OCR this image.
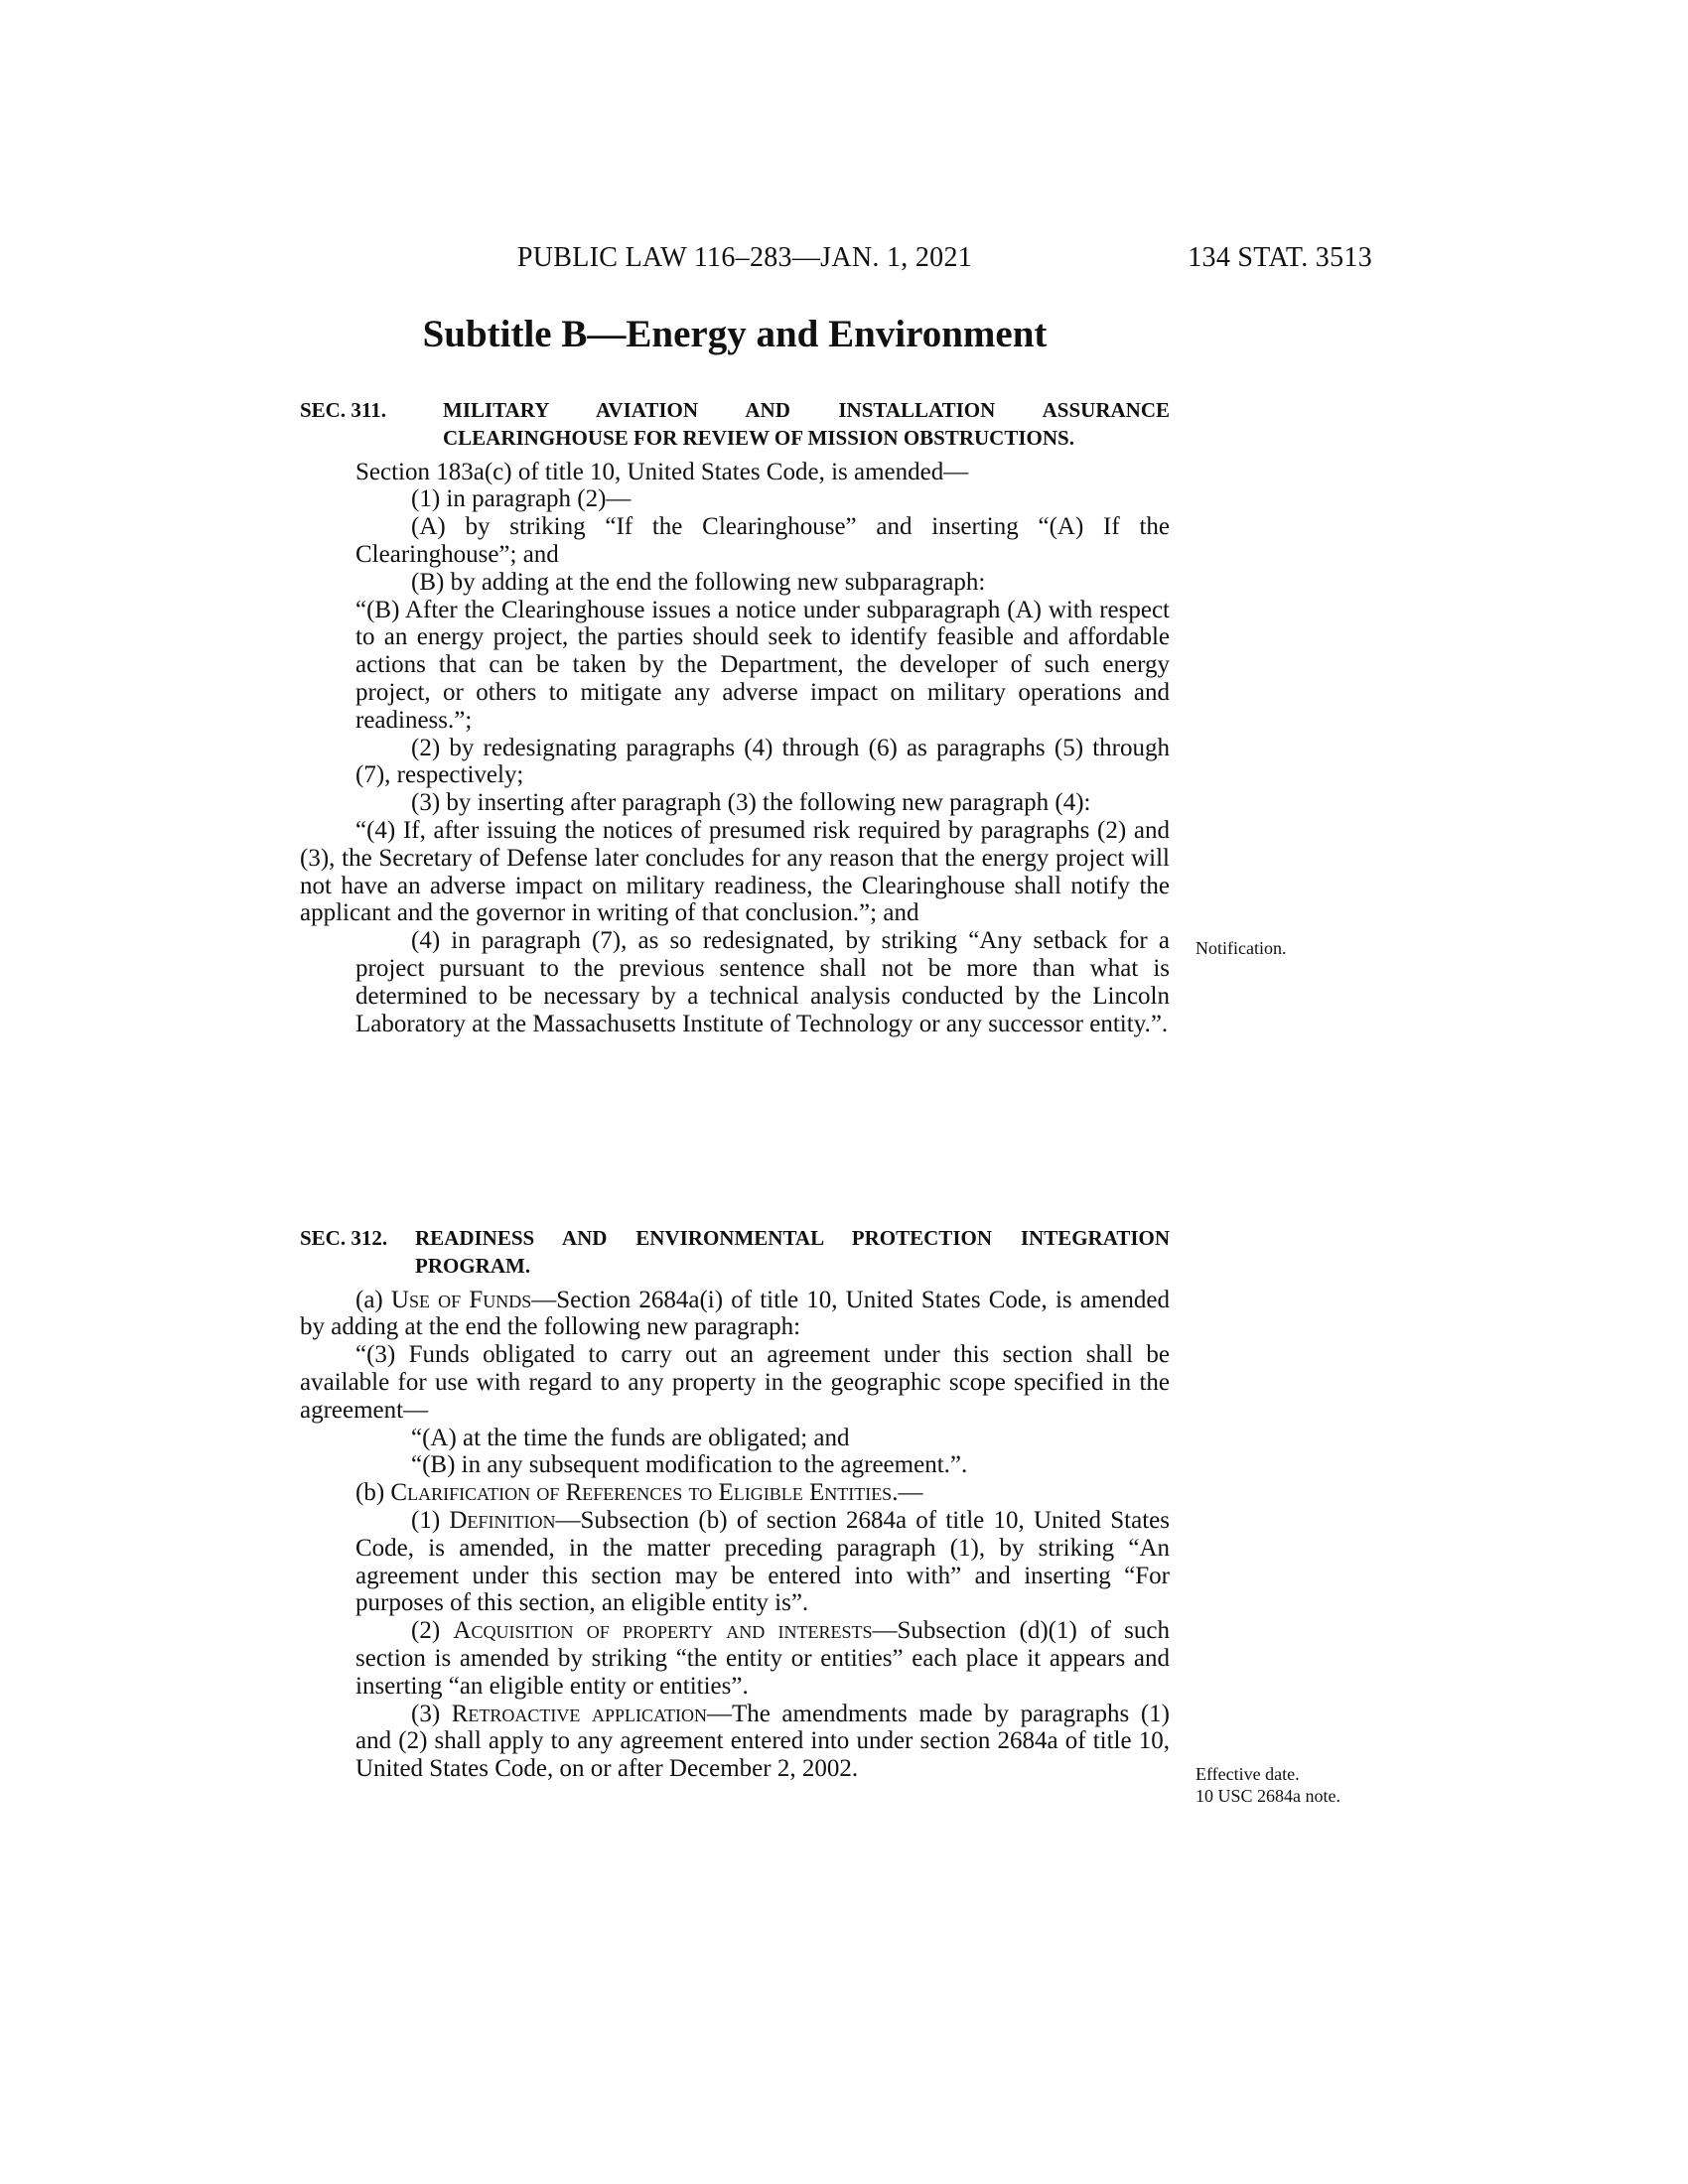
PUBLIC LAW 116–283—JAN. 1, 2021	134 STAT. 3513
Subtitle B—Energy and Environment
SEC. 311.	MILITARY AVIATION AND INSTALLATION ASSURANCE CLEARINGHOUSE FOR REVIEW OF MISSION OBSTRUCTIONS.

Section 183a(c) of title 10, United States Code, is amended—

(1) in paragraph (2)—

(A) by striking “If the Clearinghouse” and inserting “(A) If the Clearinghouse”; and

(B) by adding at the end the following new subparagraph:

“(B) After the Clearinghouse issues a notice under subparagraph (A) with respect to an energy project, the parties should seek to identify feasible and affordable actions that can be taken by the Department, the developer of such energy project, or others to mitigate any adverse impact on military operations and readiness.”;

(2) by redesignating paragraphs (4) through (6) as paragraphs (5) through (7), respectively;

(3) by inserting after paragraph (3) the following new paragraph (4):

“(4) If, after issuing the notices of presumed risk required by paragraphs (2) and (3), the Secretary of Defense later concludes for any reason that the energy project will not have an adverse impact on military readiness, the Clearinghouse shall notify the applicant and the governor in writing of that conclusion.”; and

(4) in paragraph (7), as so redesignated, by striking “Any setback for a project pursuant to the previous sentence shall not be more than what is determined to be necessary by a technical analysis conducted by the Lincoln Laboratory at the Massachusetts Institute of Technology or any successor entity.”.

SEC. 312. READINESS AND ENVIRONMENTAL PROTECTION INTEGRATION PROGRAM.

(a) Use of Funds—Section 2684a(i) of title 10, United States Code, is amended by adding at the end the following new paragraph:

“(3) Funds obligated to carry out an agreement under this section shall be available for use with regard to any property in the geographic scope specified in the agreement—

“(A) at the time the funds are obligated; and

“(B) in any subsequent modification to the agreement.”.

(b) Clarification of References to Eligible Entities.—

(1) Definition—Subsection (b) of section 2684a of title 10, United States Code, is amended, in the matter preceding paragraph (1), by striking “An agreement under this section may be entered into with” and inserting “For purposes of this section, an eligible entity is”.

(2) Acquisition of property and interests—Subsection (d)(1) of such section is amended by striking “the entity or entities” each place it appears and inserting “an eligible entity or entities”.

(3) Retroactive application—The amendments made by paragraphs (1) and (2) shall apply to any agreement entered into under section 2684a of title 10, United States Code, on or after December 2, 2002.

Notification.
Effective date.
10 USC 2684a note.
